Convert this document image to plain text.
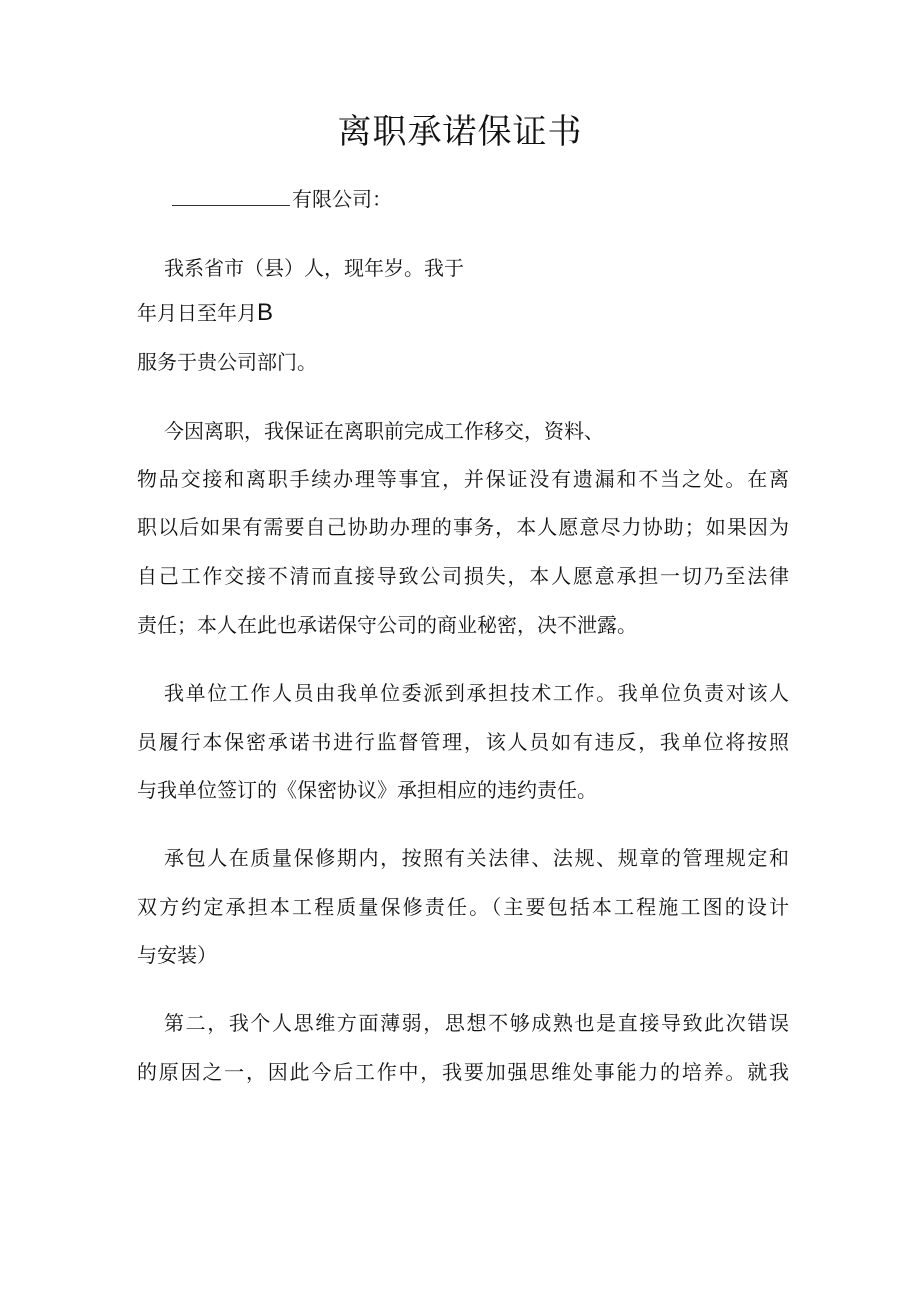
离职承诺保证书
有限公司：
我系省市（县）人，现年岁。我于
年月日至年月B
服务于贵公司部门。
今因离职，我保证在离职前完成工作移交，资料、
物品交接和离职手续办理等事宜，并保证没有遗漏和不当之处。在离
职以后如果有需要自己协助办理的事务，本人愿意尽力协助；如果因为
自己工作交接不清而直接导致公司损失，本人愿意承担一切乃至法律
责任；本人在此也承诺保守公司的商业秘密，决不泄露。
我单位工作人员由我单位委派到承担技术工作。我单位负责对该人
员履行本保密承诺书进行监督管理，该人员如有违反，我单位将按照
与我单位签订的《保密协议》承担相应的违约责任。
承包人在质量保修期内，按照有关法律、法规、规章的管理规定和
双方约定承担本工程质量保修责任。（主要包括本工程施工图的设计
与安装）
第二，我个人思维方面薄弱，思想不够成熟也是直接导致此次错误
的原因之一，因此今后工作中，我要加强思维处事能力的培养。就我
